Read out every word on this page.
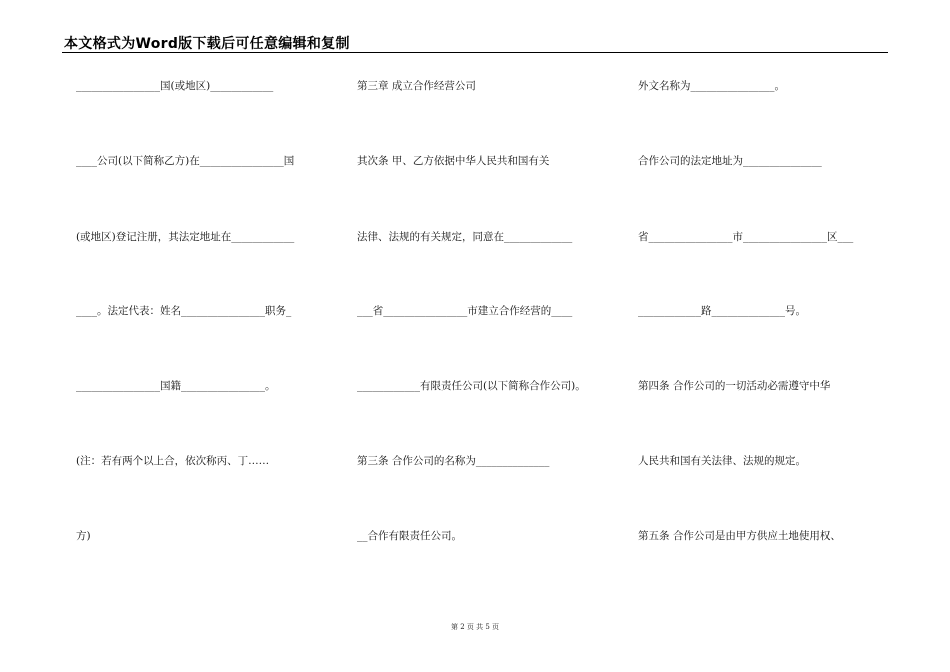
本文格式为Word版下载后可任意编辑和复制
________________国(或地区)____________
____公司(以下简称乙方)在________________国
(或地区)登记注册，其法定地址在____________
____。法定代表：姓名________________职务_
________________国籍________________。
(注：若有两个以上合，依次称丙、丁……
方)
第三章 成立合作经营公司
其次条 甲、乙方依据中华人民共和国有关
法律、法规的有关规定，同意在_____________
___省________________市建立合作经营的____
____________有限责任公司(以下简称合作公司)。
第三条 合作公司的名称为______________
__合作有限责任公司。
外文名称为________________。
合作公司的法定地址为_______________
省________________市________________区___
____________路______________号。
第四条 合作公司的一切活动必需遵守中华
人民共和国有关法律、法规的规定。
第五条 合作公司是由甲方供应土地使用权、
第 2 页 共 5 页
